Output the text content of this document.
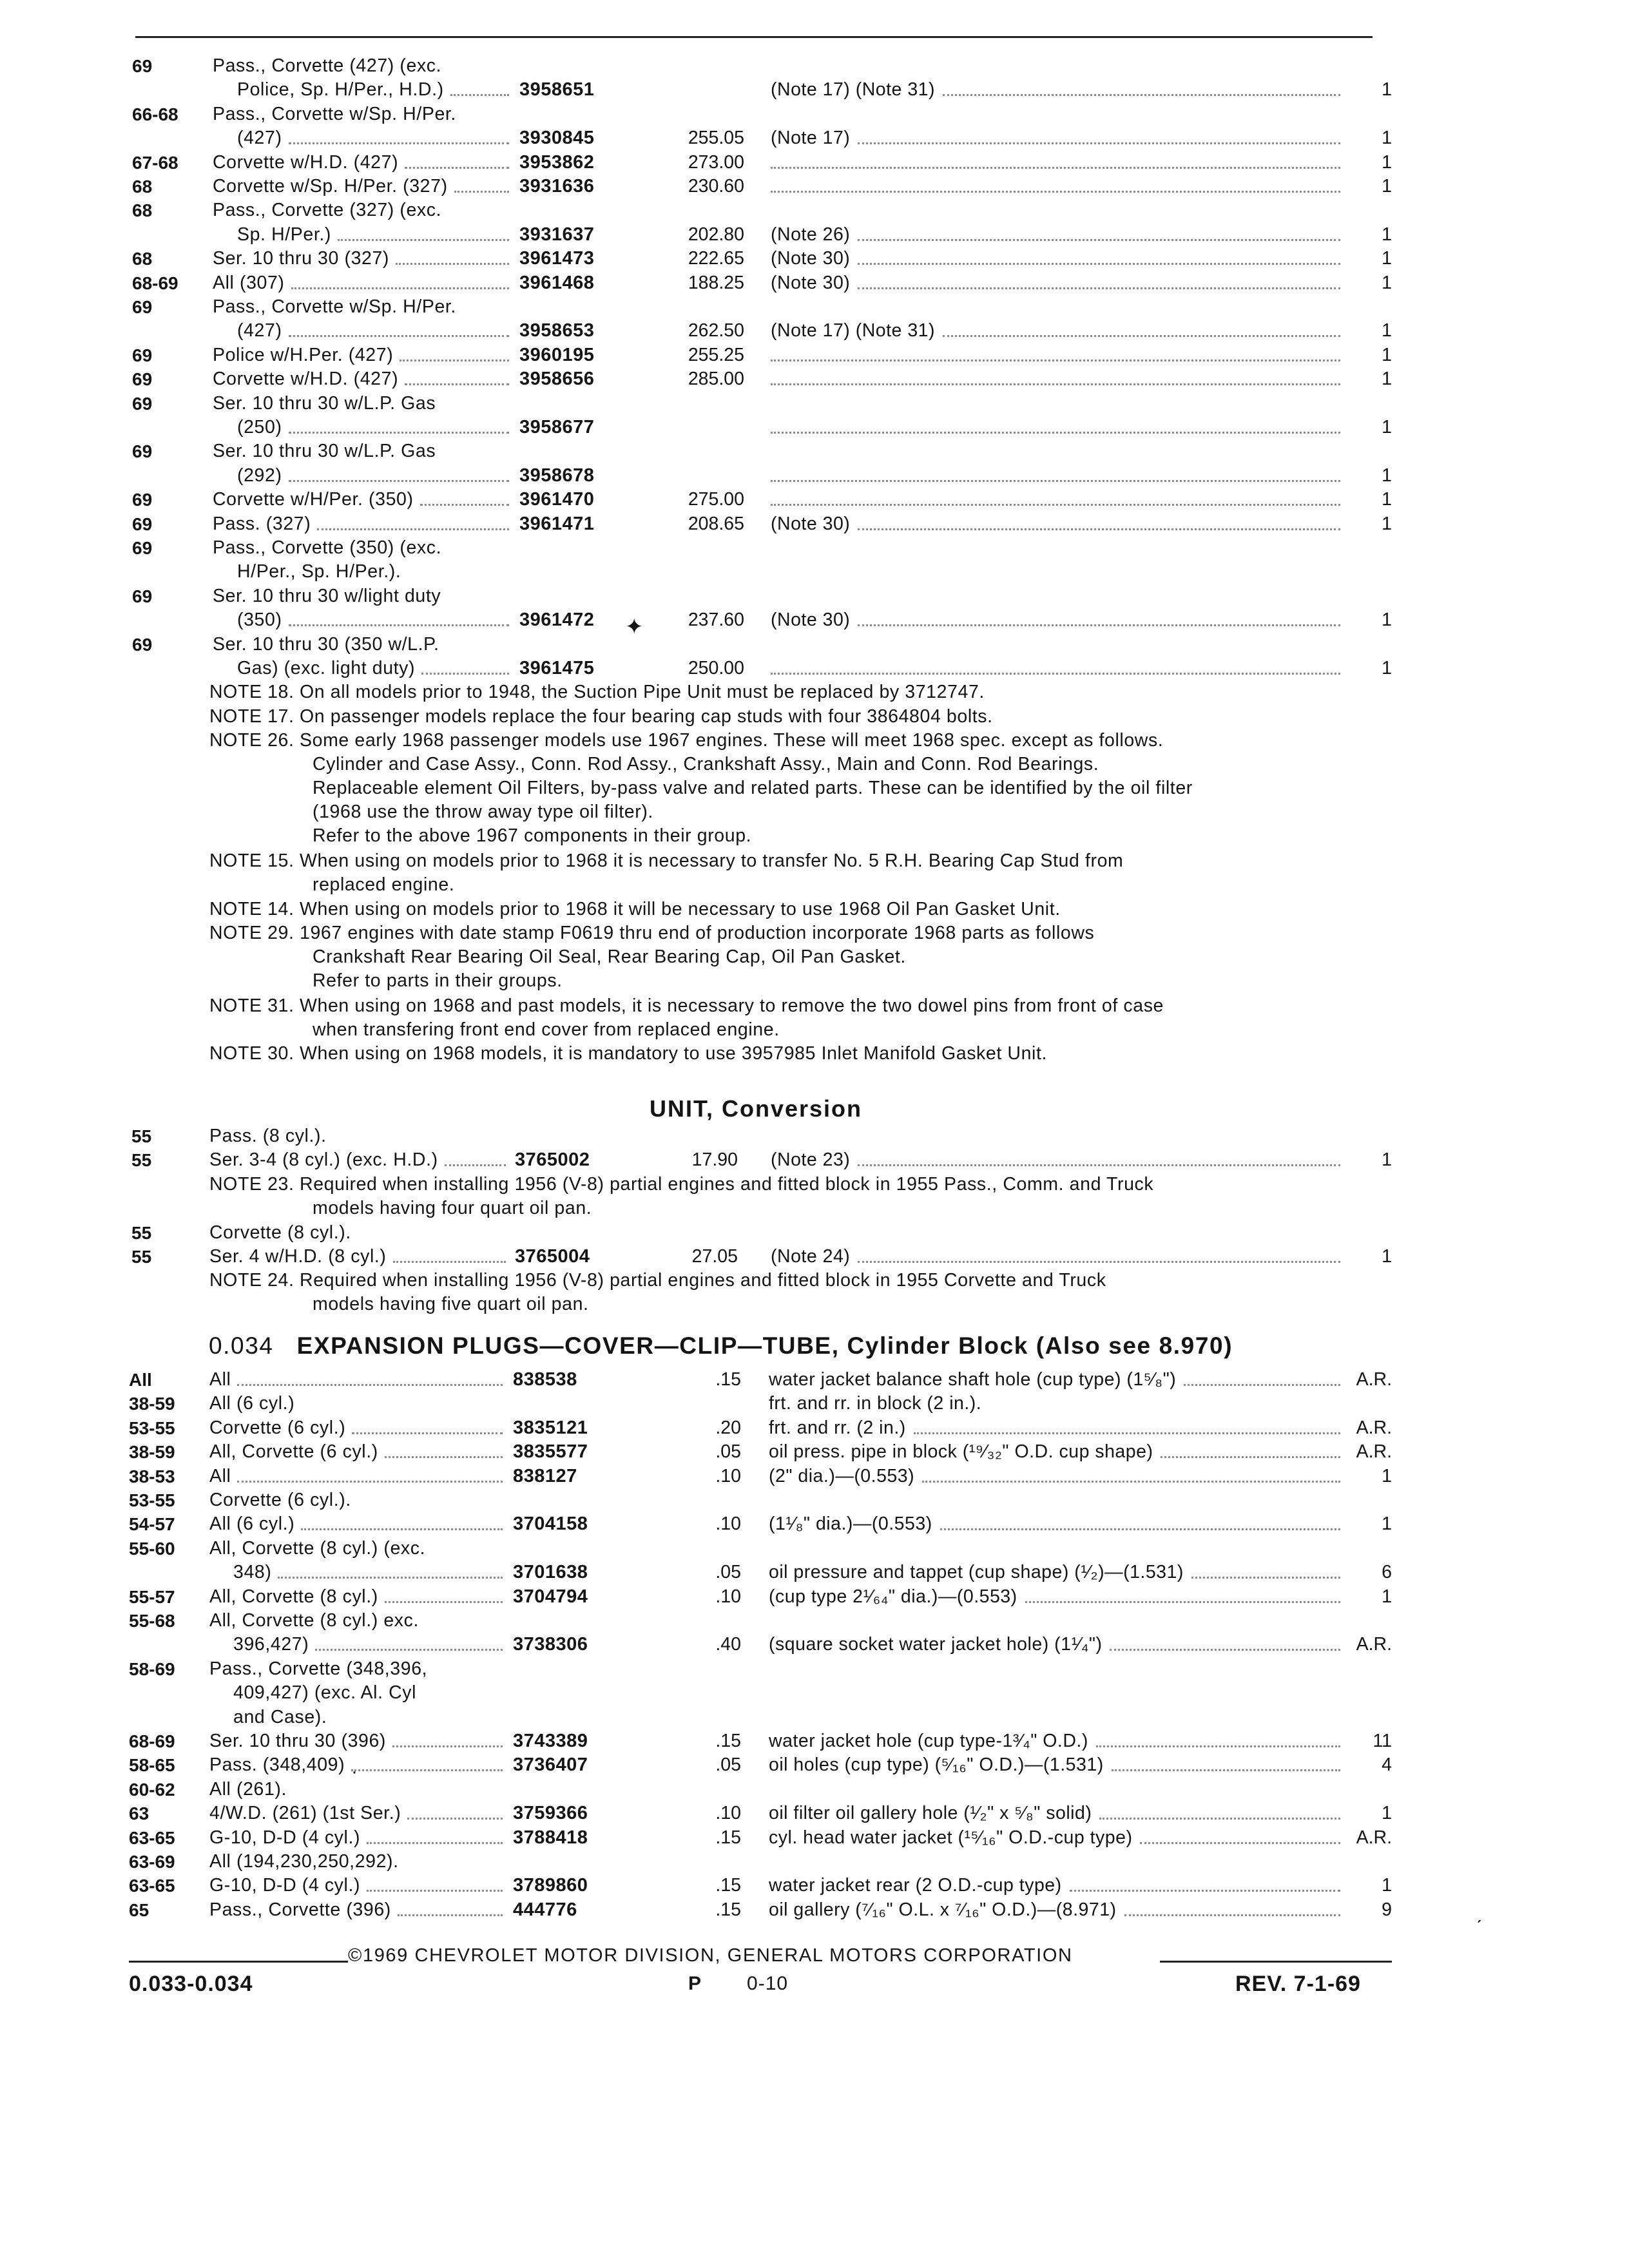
69	Pass., Corvette (427) (exc.
Police, Sp. H/Per., H.D.)	3958651	(Note 17) (Note 31)	1
66-68 Pass., Corvette w/Sp. H/Per.
(427)	3930845	255.05 (Note 17)	1
67-68 Corvette w/H.D. (427)	3953862	273.00	1
68	Corvette w/Sp. H/Per. (327)	3931636	230.60	1
68	Pass., Corvette (327) (exc.
Sp. H/Per.)	3931637	202.80 (Note 26)	1
68	Ser. 10 thru 30 (327)	3961473	222.65 (Note 30)	1
68-69 All (307)	3961468	188.25 (Note 30)	1
69	Pass., Corvette w/Sp. H/Per.
(427)	3958653	262.50 (Note 17) (Note 31)	1
69	Police w/H.Per. (427)	3960195	255.25	1
69	Corvette w/H.D. (427)	3958656	285.00	1
69	Ser. 10 thru 30 w/L.P. Gas
(250)	3958677	1
69	Ser. 10 thru 30 w/L.P. Gas
(292)	3958678	1
69	Corvette w/H/Per. (350)	3961470	275.00	1
69	Pass. (327)	3961471	208.65 (Note 30)	1
69	Pass., Corvette (350) (exc.
H/Per., Sp. H/Per.).
69	Ser. 10 thru 30 w/light duty
(350)	3961472	237.60 (Note 30)	1
69	Ser. 10 thru 30 (350 w/L.P.
Gas) (exc. light duty)	3961475	250.00	1
NOTE 18. On all models prior to 1948, the Suction Pipe Unit must be replaced by 3712747.
NOTE 17. On passenger models replace the four bearing cap studs with four 3864804 bolts.
NOTE 26. Some early 1968 passenger models use 1967 engines. These will meet 1968 spec. except as follows.
Cylinder and Case Assy., Conn. Rod Assy., Crankshaft Assy., Main and Conn. Rod Bearings.
Replaceable element Oil Filters, by-pass valve and related parts. These can be identified by the oil filter
(1968 use the throw away type oil filter).
Refer to the above 1967 components in their group.
NOTE 15. When using on models prior to 1968 it is necessary to transfer No. 5 R.H. Bearing Cap Stud from
replaced engine.
NOTE 14. When using on models prior to 1968 it will be necessary to use 1968 Oil Pan Gasket Unit.
NOTE 29. 1967 engines with date stamp F0619 thru end of production incorporate 1968 parts as follows
Crankshaft Rear Bearing Oil Seal, Rear Bearing Cap, Oil Pan Gasket.
Refer to parts in their groups.
NOTE 31. When using on 1968 and past models, it is necessary to remove the two dowel pins from front of case
when transfering front end cover from replaced engine.
NOTE 30. When using on 1968 models, it is mandatory to use 3957985 Inlet Manifold Gasket Unit.
UNIT, Conversion
55	Pass. (8 cyl.).
55	Ser. 3-4 (8 cyl.) (exc. H.D.)	3765002	17.90 (Note 23)	1
NOTE 23. Required when installing 1956 (V-8) partial engines and fitted block in 1955 Pass., Comm. and Truck
models having four quart oil pan.
55	Corvette (8 cyl.).
55	Ser. 4 w/H.D. (8 cyl.)	3765004	27.05 (Note 24)	1
NOTE 24. Required when installing 1956 (V-8) partial engines and fitted block in 1955 Corvette and Truck
models having five quart oil pan.
0.034 EXPANSION PLUGS—COVER—CLIP—TUBE, Cylinder Block (Also see 8.970)
All	All	838538	.15 water jacket balance shaft hole (cup type) (1⁵⁄₈")	A.R.
38-59 All (6 cyl.)	frt. and rr. in block (2 in.).
53-55 Corvette (6 cyl.)	3835121	.20 frt. and rr. (2 in.)	A.R.
38-59 All, Corvette (6 cyl.)	3835577	.05 oil press. pipe in block (¹⁹⁄₃₂" O.D. cup shape)	A.R.
38-53 All	838127	.10 (2" dia.)—(0.553)	1
53-55 Corvette (6 cyl.).
54-57 All (6 cyl.)	3704158	.10 (1¹⁄₈" dia.)—(0.553)	1
55-60 All, Corvette (8 cyl.) (exc.
348)	3701638	.05 oil pressure and tappet (cup shape) (¹⁄₂)—(1.531)	6
55-57 All, Corvette (8 cyl.)	3704794	.10 (cup type 2¹⁄₆₄" dia.)—(0.553)	1
55-68 All, Corvette (8 cyl.) exc.
396,427)	3738306	.40 (square socket water jacket hole) (1¹⁄₄")	A.R.
58-69 Pass., Corvette (348,396,
409,427) (exc. Al. Cyl
and Case).
68-69 Ser. 10 thru 30 (396)	3743389	.15 water jacket hole (cup type-1³⁄₄" O.D.)	11
58-65 Pass. (348,409)	3736407	.05 oil holes (cup type) (⁵⁄₁₆" O.D.)—(1.531)	4
60-62 All (261).
63	4/W.D. (261) (1st Ser.)	3759366	.10 oil filter oil gallery hole (¹⁄₂" x ⁵⁄₈" solid)	1
63-65 G-10, D-D (4 cyl.)	3788418	.15 cyl. head water jacket (¹⁵⁄₁₆" O.D.-cup type)	A.R.
63-69 All (194,230,250,292).
63-65 G-10, D-D (4 cyl.)	3789860	.15 water jacket rear (2 O.D.-cup type)	1
65	Pass., Corvette (396)	444776	.15 oil gallery (⁷⁄₁₆" O.L. x ⁷⁄₁₆" O.D.)—(8.971)	9
©1969 CHEVROLET MOTOR DIVISION, GENERAL MOTORS CORPORATION
0.033-0.034	P 0-10	REV. 7-1-69
✦
ˏ
·
